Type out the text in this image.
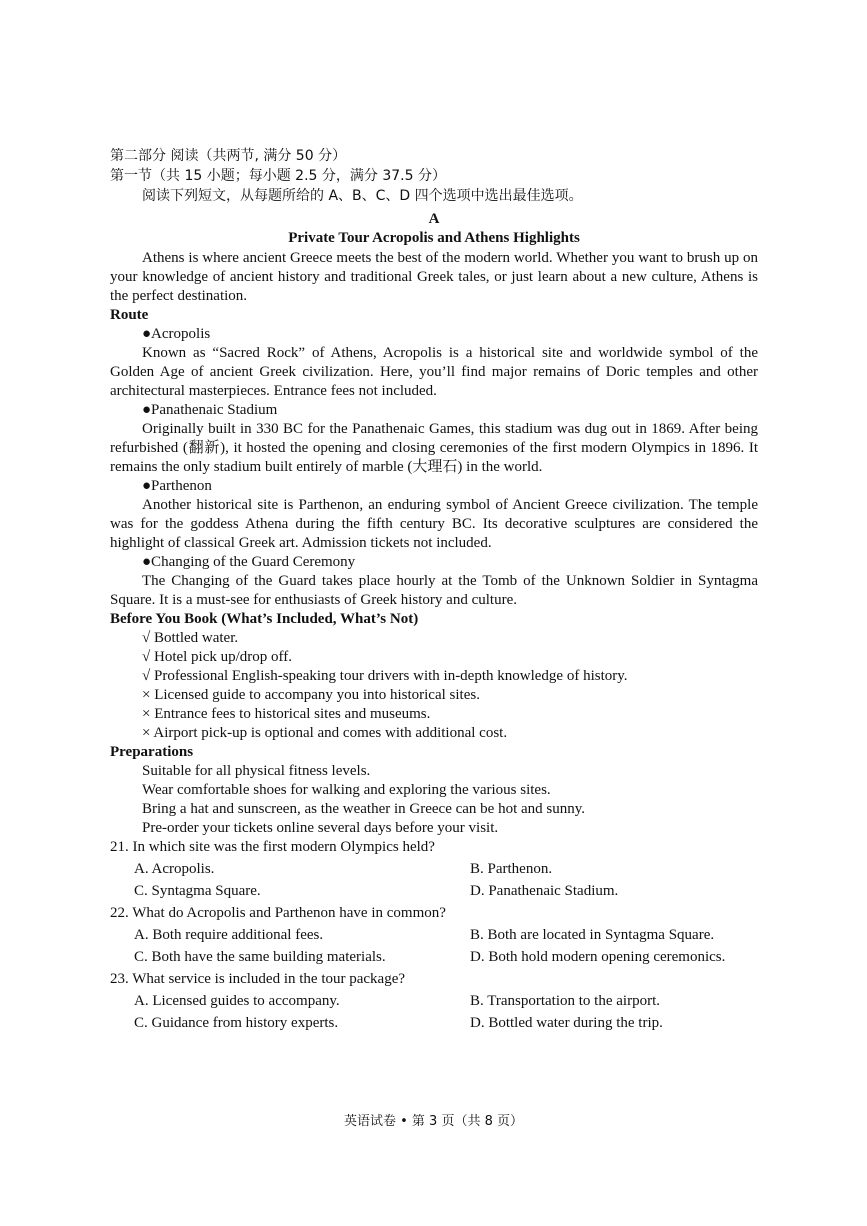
第二部分 阅读（共两节, 满分 50 分）
第一节（共 15 小题；每小题 2.5 分，满分 37.5 分）
阅读下列短文，从每题所给的 A、B、C、D 四个选项中选出最佳选项。
A
Private Tour Acropolis and Athens Highlights
Athens is where ancient Greece meets the best of the modern world. Whether you want to brush up on your knowledge of ancient history and traditional Greek tales, or just learn about a new culture, Athens is the perfect destination.
Route
●Acropolis
Known as “Sacred Rock” of Athens, Acropolis is a historical site and worldwide symbol of the Golden Age of ancient Greek civilization. Here, you’ll find major remains of Doric temples and other architectural masterpieces. Entrance fees not included.
●Panathenaic Stadium
Originally built in 330 BC for the Panathenaic Games, this stadium was dug out in 1869. After being refurbished (翻新), it hosted the opening and closing ceremonies of the first modern Olympics in 1896. It remains the only stadium built entirely of marble (大理石) in the world.
●Parthenon
Another historical site is Parthenon, an enduring symbol of Ancient Greece civilization. The temple was for the goddess Athena during the fifth century BC. Its decorative sculptures are considered the highlight of classical Greek art. Admission tickets not included.
●Changing of the Guard Ceremony
The Changing of the Guard takes place hourly at the Tomb of the Unknown Soldier in Syntagma Square. It is a must-see for enthusiasts of Greek history and culture.
Before You Book (What’s Included, What’s Not)
√ Bottled water.
√ Hotel pick up/drop off.
√ Professional English-speaking tour drivers with in-depth knowledge of history.
× Licensed guide to accompany you into historical sites.
× Entrance fees to historical sites and museums.
× Airport pick-up is optional and comes with additional cost.
Preparations
Suitable for all physical fitness levels.
Wear comfortable shoes for walking and exploring the various sites.
Bring a hat and sunscreen, as the weather in Greece can be hot and sunny.
Pre-order your tickets online several days before your visit.
21. In which site was the first modern Olympics held?
A. Acropolis.	B. Parthenon.
C. Syntagma Square.	D. Panathenaic Stadium.
22. What do Acropolis and Parthenon have in common?
A. Both require additional fees.	B. Both are located in Syntagma Square.
C. Both have the same building materials.	D. Both hold modern opening ceremonics.
23. What service is included in the tour package?
A. Licensed guides to accompany.	B. Transportation to the airport.
C. Guidance from history experts.	D. Bottled water during the trip.
英语试卷 • 第 3 页（共 8 页）
